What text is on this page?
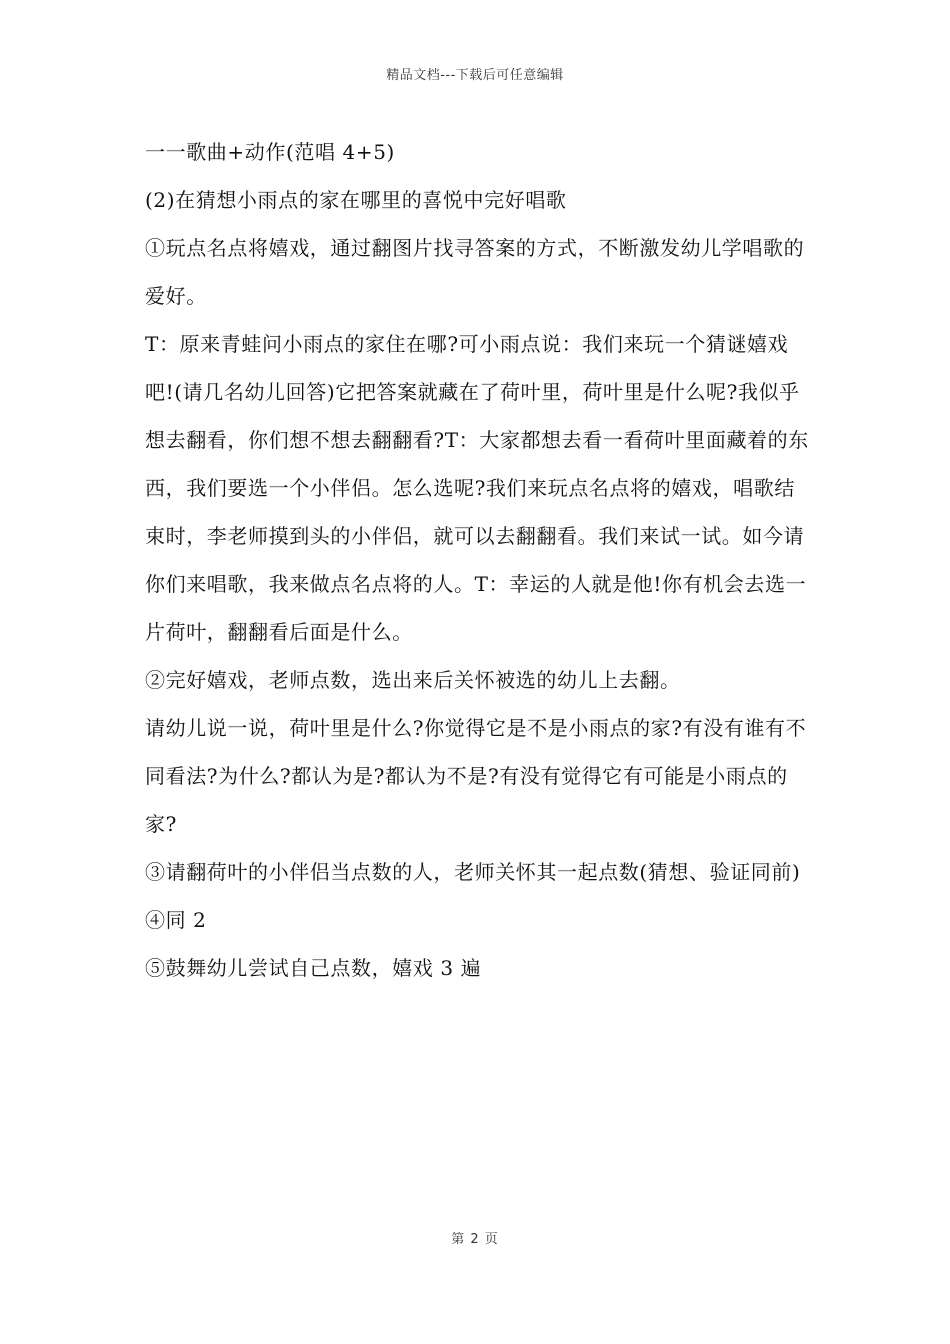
精品文档---下载后可任意编辑

一一歌曲+动作(范唱 4+5)

(2)在猜想小雨点的家在哪里的喜悦中完好唱歌

①玩点名点将嬉戏，通过翻图片找寻答案的方式，不断激发幼儿学唱歌的爱好。

T：原来青蛙问小雨点的家住在哪?可小雨点说：我们来玩一个猜谜嬉戏吧!(请几名幼儿回答)它把答案就藏在了荷叶里，荷叶里是什么呢?我似乎想去翻看，你们想不想去翻翻看?T：大家都想去看一看荷叶里面藏着的东西，我们要选一个小伴侣。怎么选呢?我们来玩点名点将的嬉戏，唱歌结束时，李老师摸到头的小伴侣，就可以去翻翻看。我们来试一试。如今请你们来唱歌，我来做点名点将的人。T：幸运的人就是他!你有机会去选一片荷叶，翻翻看后面是什么。

②完好嬉戏，老师点数，选出来后关怀被选的幼儿上去翻。

请幼儿说一说，荷叶里是什么?你觉得它是不是小雨点的家?有没有谁有不同看法?为什么?都认为是?都认为不是?有没有觉得它有可能是小雨点的家?

③请翻荷叶的小伴侣当点数的人，老师关怀其一起点数(猜想、验证同前)

④同 2

⑤鼓舞幼儿尝试自己点数，嬉戏 3 遍

第 2 页
